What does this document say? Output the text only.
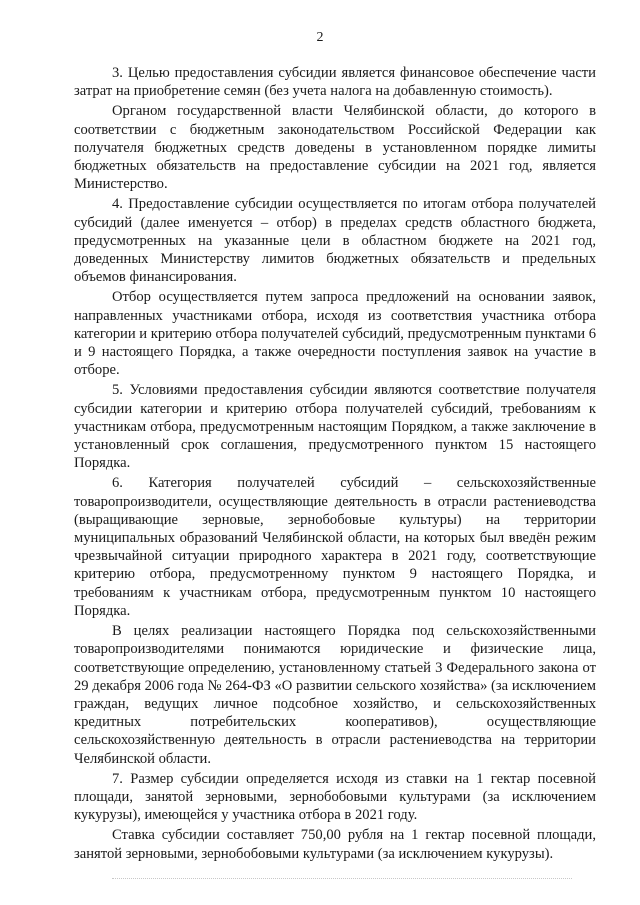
2

3. Целью предоставления субсидии является финансовое обеспечение части затрат на приобретение семян (без учета налога на добавленную стоимость).

Органом государственной власти Челябинской области, до которого в соответствии с бюджетным законодательством Российской Федерации как получателя бюджетных средств доведены в установленном порядке лимиты бюджетных обязательств на предоставление субсидии на 2021 год, является Министерство.

4. Предоставление субсидии осуществляется по итогам отбора получателей субсидий (далее именуется – отбор) в пределах средств областного бюджета, предусмотренных на указанные цели в областном бюджете на 2021 год, доведенных Министерству лимитов бюджетных обязательств и предельных объемов финансирования.

Отбор осуществляется путем запроса предложений на основании заявок, направленных участниками отбора, исходя из соответствия участника отбора категории и критерию отбора получателей субсидий, предусмотренным пунктами 6 и 9 настоящего Порядка, а также очередности поступления заявок на участие в отборе.

5. Условиями предоставления субсидии являются соответствие получателя субсидии категории и критерию отбора получателей субсидий, требованиям к участникам отбора, предусмотренным настоящим Порядком, а также заключение в установленный срок соглашения, предусмотренного пунктом 15 настоящего Порядка.

6. Категория получателей субсидий – сельскохозяйственные товаропроизводители, осуществляющие деятельность в отрасли растениеводства (выращивающие зерновые, зернобобовые культуры) на территории муниципальных образований Челябинской области, на которых был введён режим чрезвычайной ситуации природного характера в 2021 году, соответствующие критерию отбора, предусмотренному пунктом 9 настоящего Порядка, и требованиям к участникам отбора, предусмотренным пунктом 10 настоящего Порядка.

В целях реализации настоящего Порядка под сельскохозяйственными товаропроизводителями понимаются юридические и физические лица, соответствующие определению, установленному статьей 3 Федерального закона от 29 декабря 2006 года № 264-ФЗ «О развитии сельского хозяйства» (за исключением граждан, ведущих личное подсобное хозяйство, и сельскохозяйственных кредитных потребительских кооперативов), осуществляющие сельскохозяйственную деятельность в отрасли растениеводства на территории Челябинской области.

7. Размер субсидии определяется исходя из ставки на 1 гектар посевной площади, занятой зерновыми, зернобобовыми культурами (за исключением кукурузы), имеющейся у участника отбора в 2021 году.

Ставка субсидии составляет 750,00 рубля на 1 гектар посевной площади, занятой зерновыми, зернобобовыми культурами (за исключением кукурузы).
